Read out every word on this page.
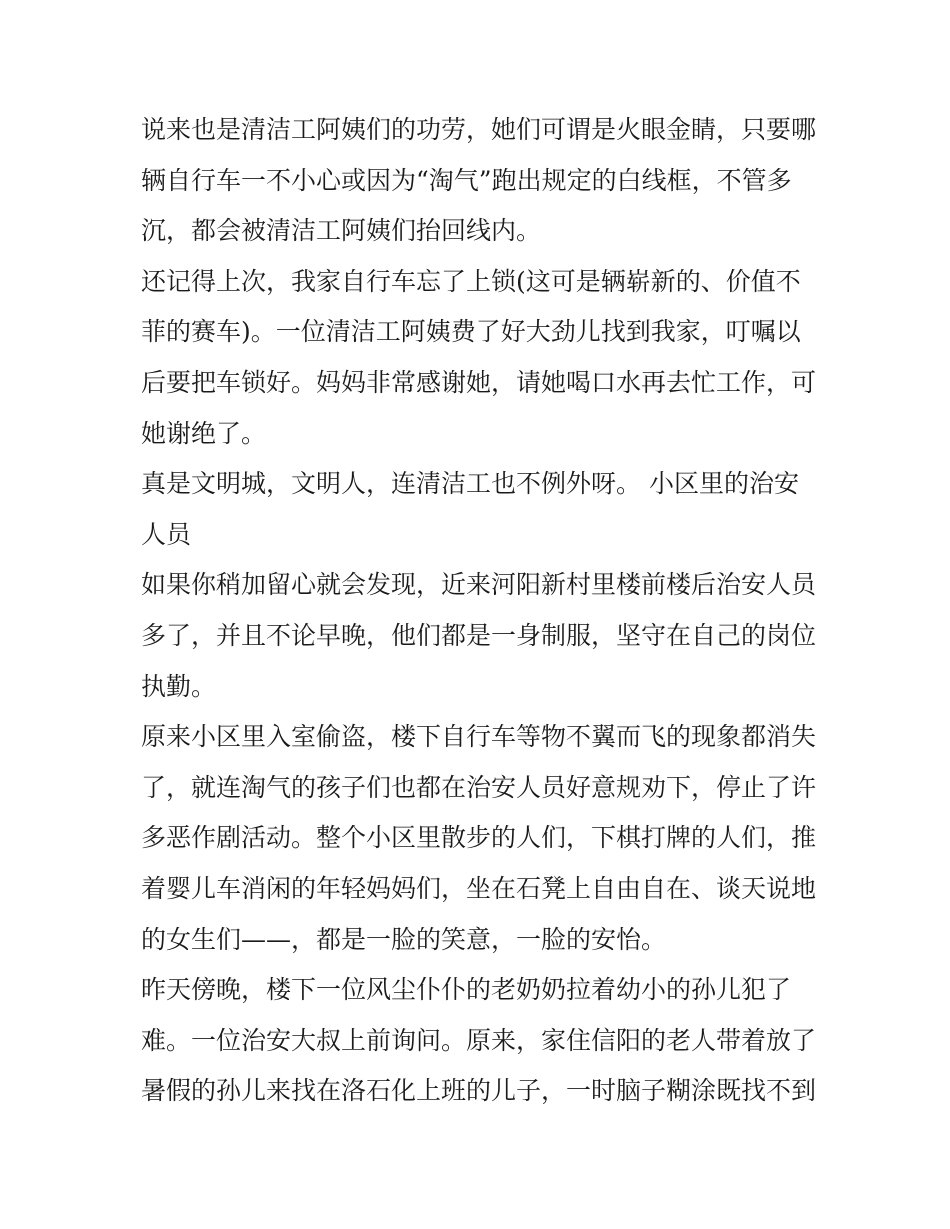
说来也是清洁工阿姨们的功劳，她们可谓是火眼金睛，只要哪
辆自行车一不小心或因为“淘气”跑出规定的白线框，不管多
沉，都会被清洁工阿姨们抬回线内。
还记得上次，我家自行车忘了上锁(这可是辆崭新的、价值不
菲的赛车)。一位清洁工阿姨费了好大劲儿找到我家，叮嘱以
后要把车锁好。妈妈非常感谢她，请她喝口水再去忙工作，可
她谢绝了。
真是文明城，文明人，连清洁工也不例外呀。 小区里的治安
人员
如果你稍加留心就会发现，近来河阳新村里楼前楼后治安人员
多了，并且不论早晚，他们都是一身制服，坚守在自己的岗位
执勤。
原来小区里入室偷盗，楼下自行车等物不翼而飞的现象都消失
了，就连淘气的孩子们也都在治安人员好意规劝下，停止了许
多恶作剧活动。整个小区里散步的人们，下棋打牌的人们，推
着婴儿车消闲的年轻妈妈们，坐在石凳上自由自在、谈天说地
的女生们——，都是一脸的笑意，一脸的安怡。
昨天傍晚，楼下一位风尘仆仆的老奶奶拉着幼小的孙儿犯了
难。一位治安大叔上前询问。原来，家住信阳的老人带着放了
暑假的孙儿来找在洛石化上班的儿子，一时脑子糊涂既找不到
